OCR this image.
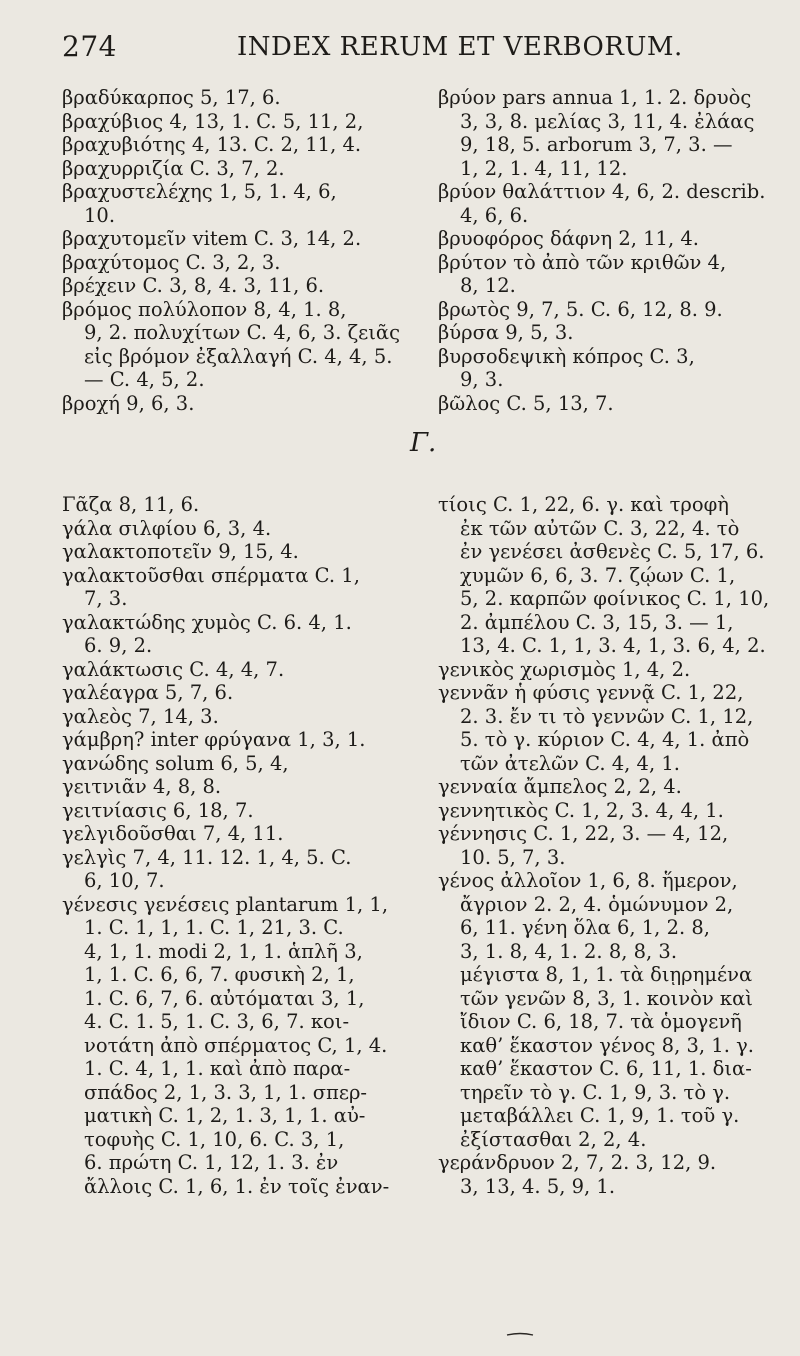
274	INDEX RERUM ET VERBORUM.
βραδύκαρπος 5, 17, 6.
βραχύβιος 4, 13, 1. C. 5, 11, 2,
βραχυβιότης 4, 13. C. 2, 11, 4.
βραχυρριζία C. 3, 7, 2.
βραχυστελέχης 1, 5, 1. 4, 6,
10.
βραχυτομεῖν vitem C. 3, 14, 2.
βραχύτομος C. 3, 2, 3.
βρέχειν C. 3, 8, 4. 3, 11, 6.
βρόμος πολύλοπον 8, 4, 1. 8,
9, 2. πολυχίτων C. 4, 6, 3. ζειᾶς
εἰς βρόμον ἐξαλλαγή C. 4, 4, 5.
— C. 4, 5, 2.
βροχή 9, 6, 3.
βρύον pars annua 1, 1. 2. δρυὸς
3, 3, 8. μελίας 3, 11, 4. ἐλάας
9, 18, 5. arborum 3, 7, 3. —
1, 2, 1. 4, 11, 12.
βρύον θαλάττιον 4, 6, 2. describ.
4, 6, 6.
βρυοφόρος δάφνη 2, 11, 4.
βρύτον τὸ ἀπὸ τῶν κριθῶν 4,
8, 12.
βρωτὸς 9, 7, 5. C. 6, 12, 8. 9.
βύρσα 9, 5, 3.
βυρσοδεψικὴ κόπρος C. 3,
9, 3.
βῶλος C. 5, 13, 7.
Γ.
Γᾶζα 8, 11, 6.
γάλα σιλφίου 6, 3, 4.
γαλακτοποτεῖν 9, 15, 4.
γαλακτοῦσθαι σπέρματα C. 1,
7, 3.
γαλακτώδης χυμὸς C. 6. 4, 1.
6. 9, 2.
γαλάκτωσις C. 4, 4, 7.
γαλέαγρα 5, 7, 6.
γαλεὸς 7, 14, 3.
γάμβρη? inter φρύγανα 1, 3, 1.
γανώδης solum 6, 5, 4,
γειτνιᾶν 4, 8, 8.
γειτνίασις 6, 18, 7.
γελγιδοῦσθαι 7, 4, 11.
γελγὶς 7, 4, 11. 12. 1, 4, 5. C.
6, 10, 7.
γένεσις γενέσεις plantarum 1, 1,
1. C. 1, 1, 1. C. 1, 21, 3. C.
4, 1, 1. modi 2, 1, 1. ἁπλῆ 3,
1, 1. C. 6, 6, 7. φυσικὴ 2, 1,
1. C. 6, 7, 6. αὐτόμαται 3, 1,
4. C. 1. 5, 1. C. 3, 6, 7. κοι-
νοτάτη ἀπὸ σπέρματος C, 1, 4.
1. C. 4, 1, 1. καὶ ἀπὸ παρα-
σπάδος 2, 1, 3. 3, 1, 1. σπερ-
ματικὴ C. 1, 2, 1. 3, 1, 1. αὐ-
τοφυὴς C. 1, 10, 6. C. 3, 1,
6. πρώτη C. 1, 12, 1. 3. ἐν
ἄλλοις C. 1, 6, 1. ἐν τοῖς ἐναν-
τίοις C. 1, 22, 6. γ. καὶ τροφὴ
ἐκ τῶν αὐτῶν C. 3, 22, 4. τὸ
ἐν γενέσει ἀσθενὲς C. 5, 17, 6.
χυμῶν 6, 6, 3. 7. ζῴων C. 1,
5, 2. καρπῶν φοίνικος C. 1, 10,
2. ἀμπέλου C. 3, 15, 3. — 1,
13, 4. C. 1, 1, 3. 4, 1, 3. 6, 4, 2.
γενικὸς χωρισμὸς 1, 4, 2.
γεννᾶν ἡ φύσις γεννᾷ C. 1, 22,
2. 3. ἔν τι τὸ γεννῶν C. 1, 12,
5. τὸ γ. κύριον C. 4, 4, 1. ἀπὸ
τῶν ἀτελῶν C. 4, 4, 1.
γενναία ἄμπελος 2, 2, 4.
γεννητικὸς C. 1, 2, 3. 4, 4, 1.
γέννησις C. 1, 22, 3. — 4, 12,
10. 5, 7, 3.
γένος ἀλλοῖον 1, 6, 8. ἥμερον,
ἄγριον 2. 2, 4. ὁμώνυμον 2,
6, 11. γένη ὅλα 6, 1, 2. 8,
3, 1. 8, 4, 1. 2. 8, 8, 3.
μέγιστα 8, 1, 1. τὰ διῃρημένα
τῶν γενῶν 8, 3, 1. κοινὸν καὶ
ἴδιον C. 6, 18, 7. τὰ ὁμογενῆ
καθ’ ἕκαστον γένος 8, 3, 1. γ.
καθ’ ἕκαστον C. 6, 11, 1. δια-
τηρεῖν τὸ γ. C. 1, 9, 3. τὸ γ.
μεταβάλλει C. 1, 9, 1. τοῦ γ.
ἐξίστασθαι 2, 2, 4.
γεράνδρυον 2, 7, 2. 3, 12, 9.
3, 13, 4. 5, 9, 1.
